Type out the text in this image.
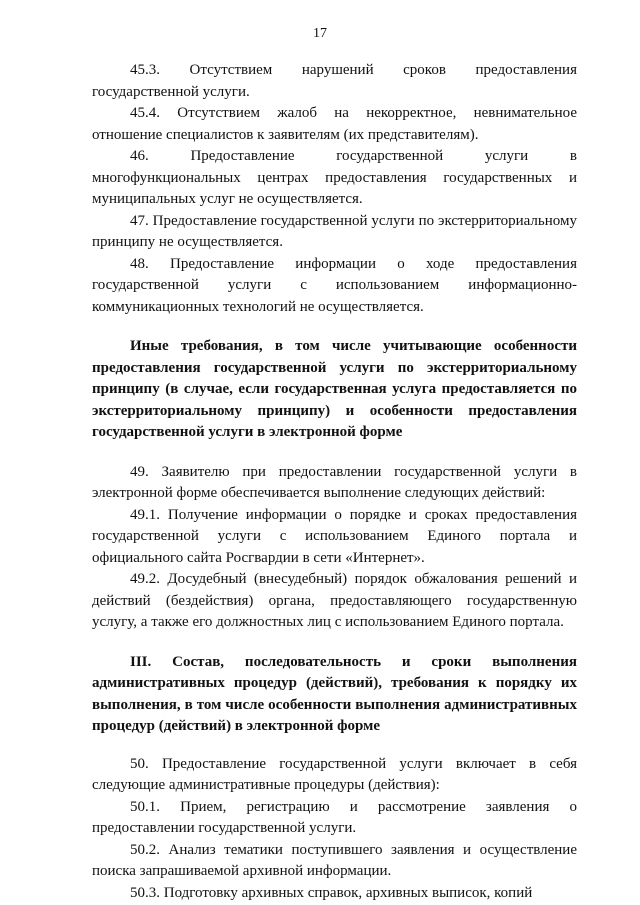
17

45.3. Отсутствием нарушений сроков предоставления государственной услуги.

45.4. Отсутствием жалоб на некорректное, невнимательное отношение специалистов к заявителям (их представителям).

46. Предоставление государственной услуги в многофункциональных центрах предоставления государственных и муниципальных услуг не осуществляется.

47. Предоставление государственной услуги по экстерриториальному принципу не осуществляется.

48. Предоставление информации о ходе предоставления государственной услуги с использованием информационно-коммуникационных технологий не осуществляется.

Иные требования, в том числе учитывающие особенности предоставления государственной услуги по экстерриториальному принципу (в случае, если государственная услуга предоставляется по экстерриториальному принципу) и особенности предоставления государственной услуги в электронной форме

49. Заявителю при предоставлении государственной услуги в электронной форме обеспечивается выполнение следующих действий:

49.1. Получение информации о порядке и сроках предоставления государственной услуги с использованием Единого портала и официального сайта Росгвардии в сети «Интернет».

49.2. Досудебный (внесудебный) порядок обжалования решений и действий (бездействия) органа, предоставляющего государственную услугу, а также его должностных лиц с использованием Единого портала.

III. Состав, последовательность и сроки выполнения административных процедур (действий), требования к порядку их выполнения, в том числе особенности выполнения административных процедур (действий) в электронной форме

50. Предоставление государственной услуги включает в себя следующие административные процедуры (действия):

50.1. Прием, регистрацию и рассмотрение заявления о предоставлении государственной услуги.

50.2. Анализ тематики поступившего заявления и осуществление поиска запрашиваемой архивной информации.

50.3. Подготовку архивных справок, архивных выписок, копий
